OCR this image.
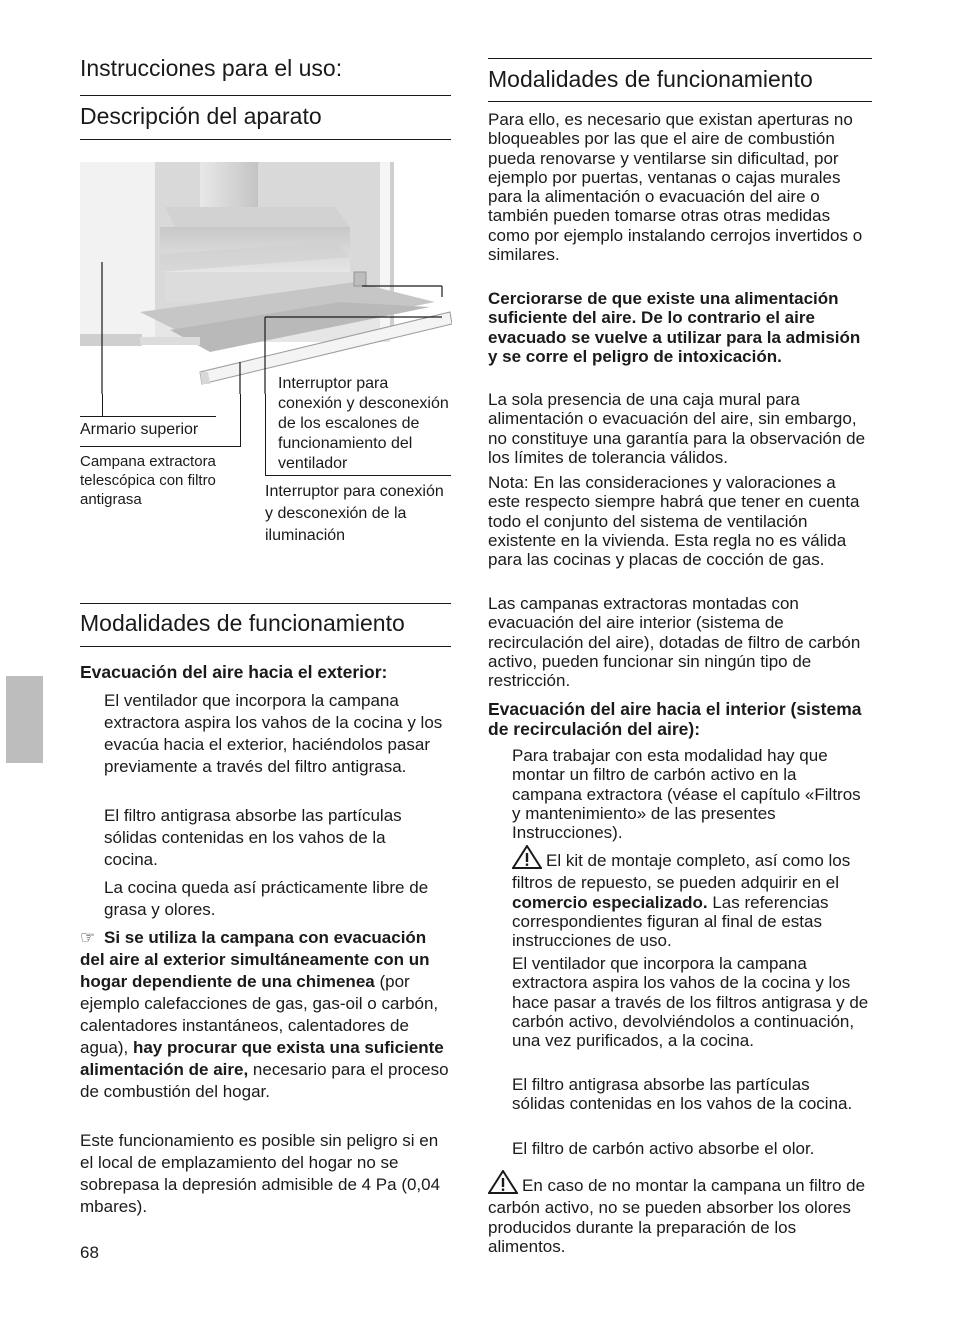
Instrucciones para el uso:
Descripción del aparato
Armario superior
Campana extractora telescópica con filtro antigrasa
Interruptor para conexión y desconexión de los escalones de funcionamiento del ventilador
Interruptor para conexión y desconexión de la iluminación
Modalidades de funcionamiento
Evacuación del aire hacia el exterior:

El ventilador que incorpora la campana extractora aspira los vahos de la cocina y los evacúa hacia el exterior, haciéndolos pasar previamente a través del filtro antigrasa.

El filtro antigrasa absorbe las partículas sólidas contenidas en los vahos de la cocina.

La cocina queda así prácticamente libre de grasa y olores.

☞ Si se utiliza la campana con evacuación del aire al exterior simultáneamente con un hogar dependiente de una chimenea (por ejemplo calefacciones de gas, gas-oil o carbón, calentadores instantáneos, calentadores de agua), hay procurar que exista una suficiente alimentación de aire, necesario para el proceso de combustión del hogar.

Este funcionamiento es posible sin peligro si en el local de emplazamiento del hogar no se sobrepasa la depresión admisible de 4 Pa (0,04 mbares).

68
Modalidades de funcionamiento

Para ello, es necesario que existan aperturas no bloqueables por las que el aire de combustión pueda renovarse y ventilarse sin dificultad, por ejemplo por puertas, ventanas o cajas murales para la alimentación o evacuación del aire o también pueden tomarse otras otras medidas como por ejemplo instalando cerrojos invertidos o similares.

Cerciorarse de que existe una alimentación suficiente del aire. De lo contrario el aire evacuado se vuelve a utilizar para la admisión y se corre el peligro de intoxicación.

La sola presencia de una caja mural para alimentación o evacuación del aire, sin embargo, no constituye una garantía para la observación de los límites de tolerancia válidos.

Nota: En las consideraciones y valoraciones a este respecto siempre habrá que tener en cuenta todo el conjunto del sistema de ventilación existente en la vivienda. Esta regla no es válida para las cocinas y placas de cocción de gas.

Las campanas extractoras montadas con evacuación del aire interior (sistema de recirculación del aire), dotadas de filtro de carbón activo, pueden funcionar sin ningún tipo de restricción.

Evacuación del aire hacia el interior (sistema de recirculación del aire):

Para trabajar con esta modalidad hay que montar un filtro de carbón activo en la campana extractora (véase el capítulo «Filtros y mantenimiento» de las presentes Instrucciones).

El kit de montaje completo, así como los filtros de repuesto, se pueden adquirir en el comercio especializado. Las referencias correspondientes figuran al final de estas instrucciones de uso.

El ventilador que incorpora la campana extractora aspira los vahos de la cocina y los hace pasar a través de los filtros antigrasa y de carbón activo, devolviéndolos a continuación, una vez purificados, a la cocina.

El filtro antigrasa absorbe las partículas sólidas contenidas en los vahos de la cocina.

El filtro de carbón activo absorbe el olor.

En caso de no montar la campana un filtro de carbón activo, no se pueden absorber los olores producidos durante la preparación de los alimentos.
